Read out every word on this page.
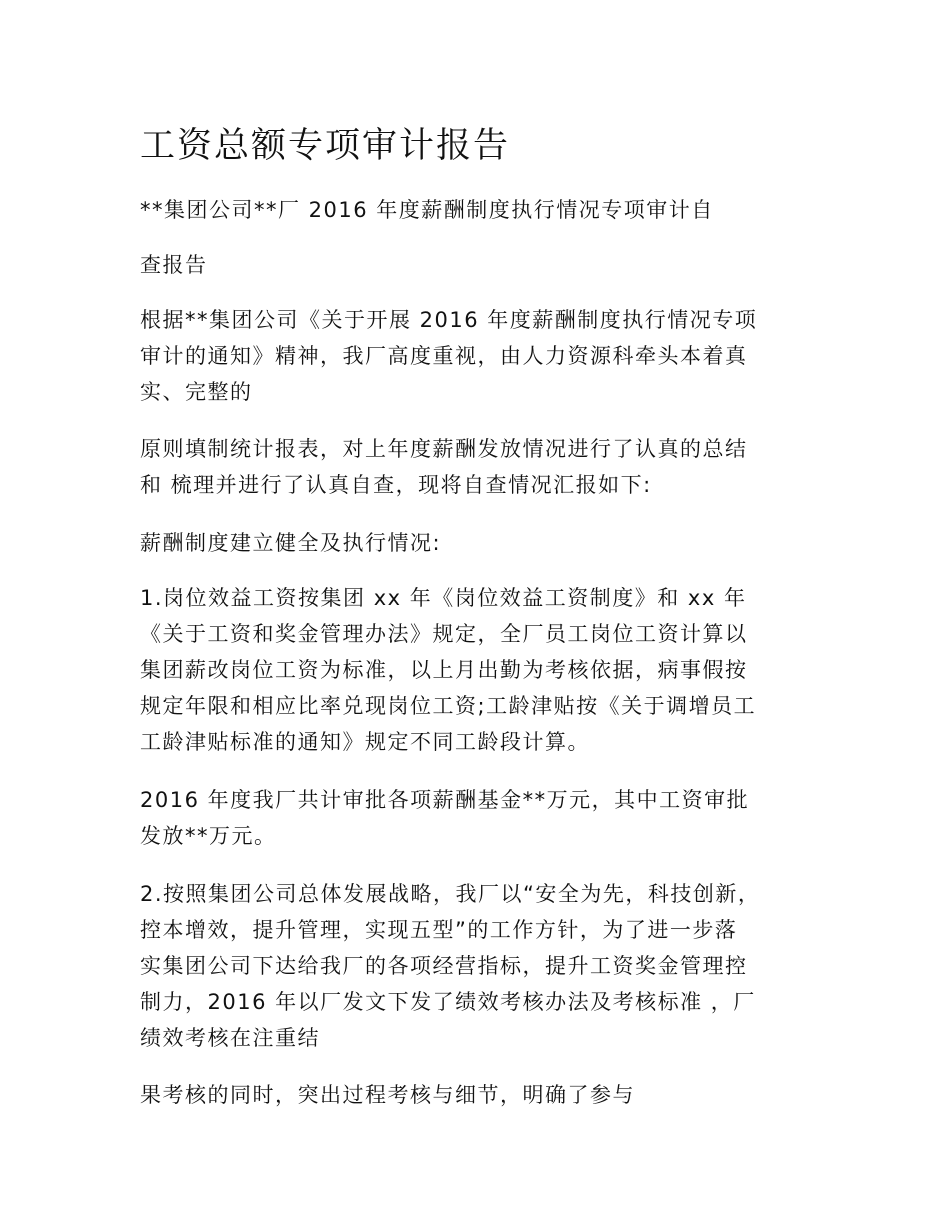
工资总额专项审计报告

**集团公司**厂 2016 年度薪酬制度执行情况专项审计自

查报告

根据**集团公司《关于开展 2016 年度薪酬制度执行情况专项
审计的通知》精神，我厂高度重视，由人力资源科牵头本着真
实、完整的

原则填制统计报表，对上年度薪酬发放情况进行了认真的总结
和 梳理并进行了认真自查，现将自查情况汇报如下:

薪酬制度建立健全及执行情况:

1.岗位效益工资按集团 xx 年《岗位效益工资制度》和 xx 年
《关于工资和奖金管理办法》规定，全厂员工岗位工资计算以
集团薪改岗位工资为标准，以上月出勤为考核依据，病事假按
规定年限和相应比率兑现岗位工资;工龄津贴按《关于调增员工
工龄津贴标准的通知》规定不同工龄段计算。

2016 年度我厂共计审批各项薪酬基金**万元，其中工资审批
发放**万元。

2.按照集团公司总体发展战略，我厂以“安全为先，科技创新，
控本增效，提升管理，实现五型”的工作方针，为了进一步落
实集团公司下达给我厂的各项经营指标，提升工资奖金管理控
制力，2016 年以厂发文下发了绩效考核办法及考核标准 ，厂
绩效考核在注重结

果考核的同时，突出过程考核与细节，明确了参与
